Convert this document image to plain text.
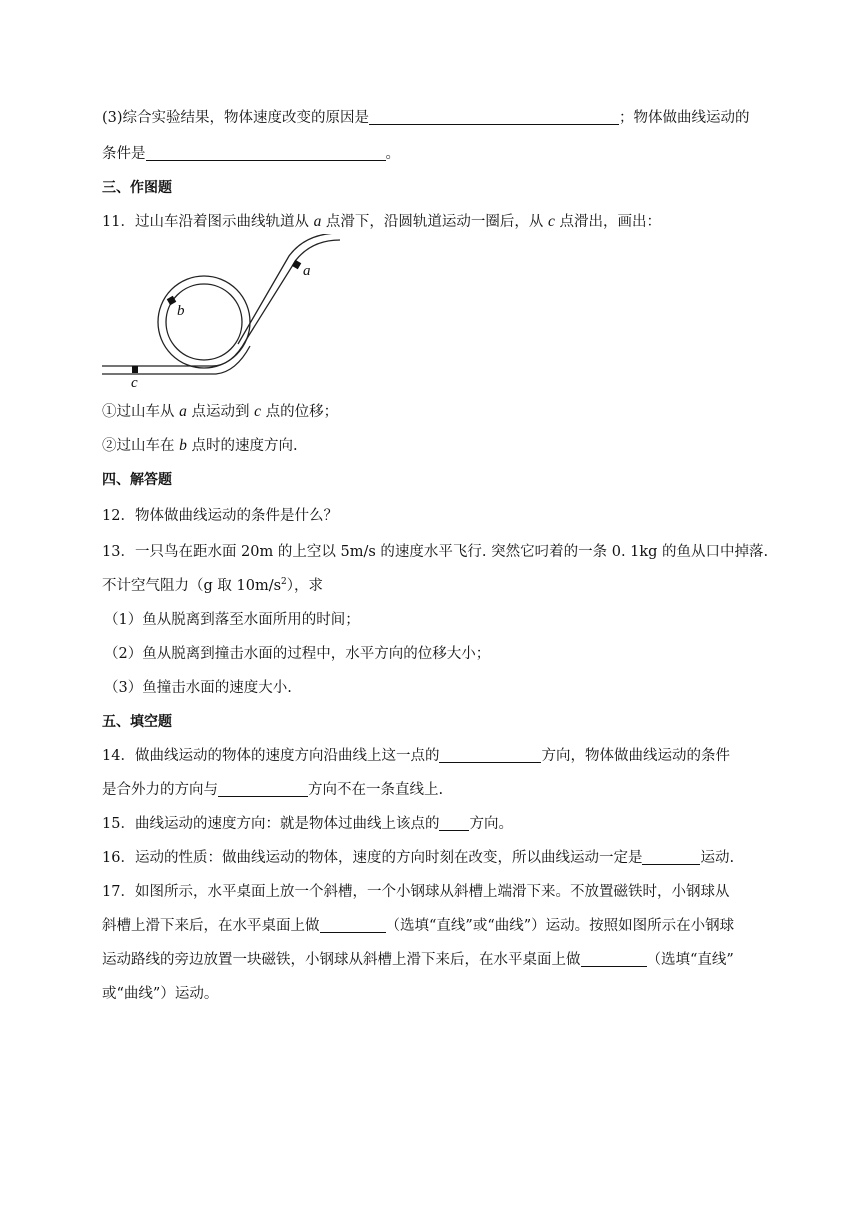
(3)综合实验结果，物体速度改变的原因是	；物体做曲线运动的

条件是	。

三、作图题

11．过山车沿着图示曲线轨道从 a 点滑下，沿圆轨道运动一圈后，从 c 点滑出，画出：

a
b
c

①过山车从 a 点运动到 c 点的位移；

②过山车在 b 点时的速度方向.

四、解答题

12．物体做曲线运动的条件是什么？

13．一只鸟在距水面 20m 的上空以 5m/s 的速度水平飞行. 突然它叼着的一条 0. 1kg 的鱼从口中掉落.

不计空气阻力（g 取 $10m/s^2$），求

（1）鱼从脱离到落至水面所用的时间；

（2）鱼从脱离到撞击水面的过程中，水平方向的位移大小；

（3）鱼撞击水面的速度大小.

五、填空题

14．做曲线运动的物体的速度方向沿曲线上这一点的	方向，物体做曲线运动的条件

是合外力的方向与	方向不在一条直线上.

15．曲线运动的速度方向：就是物体过曲线上该点的 方向。

16．运动的性质：做曲线运动的物体，速度的方向时刻在改变，所以曲线运动一定是	运动.

17．如图所示，水平桌面上放一个斜槽，一个小钢球从斜槽上端滑下来。不放置磁铁时，小钢球从

斜槽上滑下来后，在水平桌面上做	（选填“直线”或“曲线”）运动。按照如图所示在小钢球

运动路线的旁边放置一块磁铁，小钢球从斜槽上滑下来后，在水平桌面上做	（选填“直线”

或“曲线”）运动。
